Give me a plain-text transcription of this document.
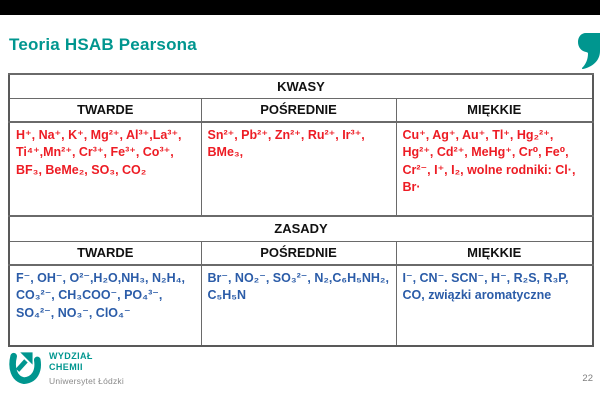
Teoria HSAB Pearsona
KWASY		
TWARDE	POŚREDNIE	MIĘKKIE
H⁺, Na⁺, K⁺, Mg²⁺, Al³⁺,La³⁺, Ti⁴⁺,Mn²⁺, Cr³⁺, Fe³⁺, Co³⁺, BF₃, BeMe₂, SO₃, CO₂	Sn²⁺, Pb²⁺, Zn²⁺, Ru²⁺, Ir³⁺, BMe₃,	Cu⁺, Ag⁺, Au⁺, Tl⁺, Hg₂²⁺, Hg²⁺, Cd²⁺, MeHg⁺, Cr⁰, Fe⁰, Cr²⁻, I⁺, I₂, wolne rodniki: Cl·, Br·
ZASADY		
TWARDE	POŚREDNIE	MIĘKKIE
F⁻, OH⁻, O²⁻,H₂O,NH₃, N₂H₄, CO₃²⁻, CH₃COO⁻, PO₄³⁻, SO₄²⁻, NO₃⁻, ClO₄⁻	Br⁻, NO₂⁻, SO₃²⁻, N₂,C₆H₅NH₂, C₅H₅N	I⁻, CN⁻. SCN⁻, H⁻, R₂S, R₃P, CO, związki aromatyczne
WYDZIAŁ
CHEMII
Uniwersytet Łódzki	22
